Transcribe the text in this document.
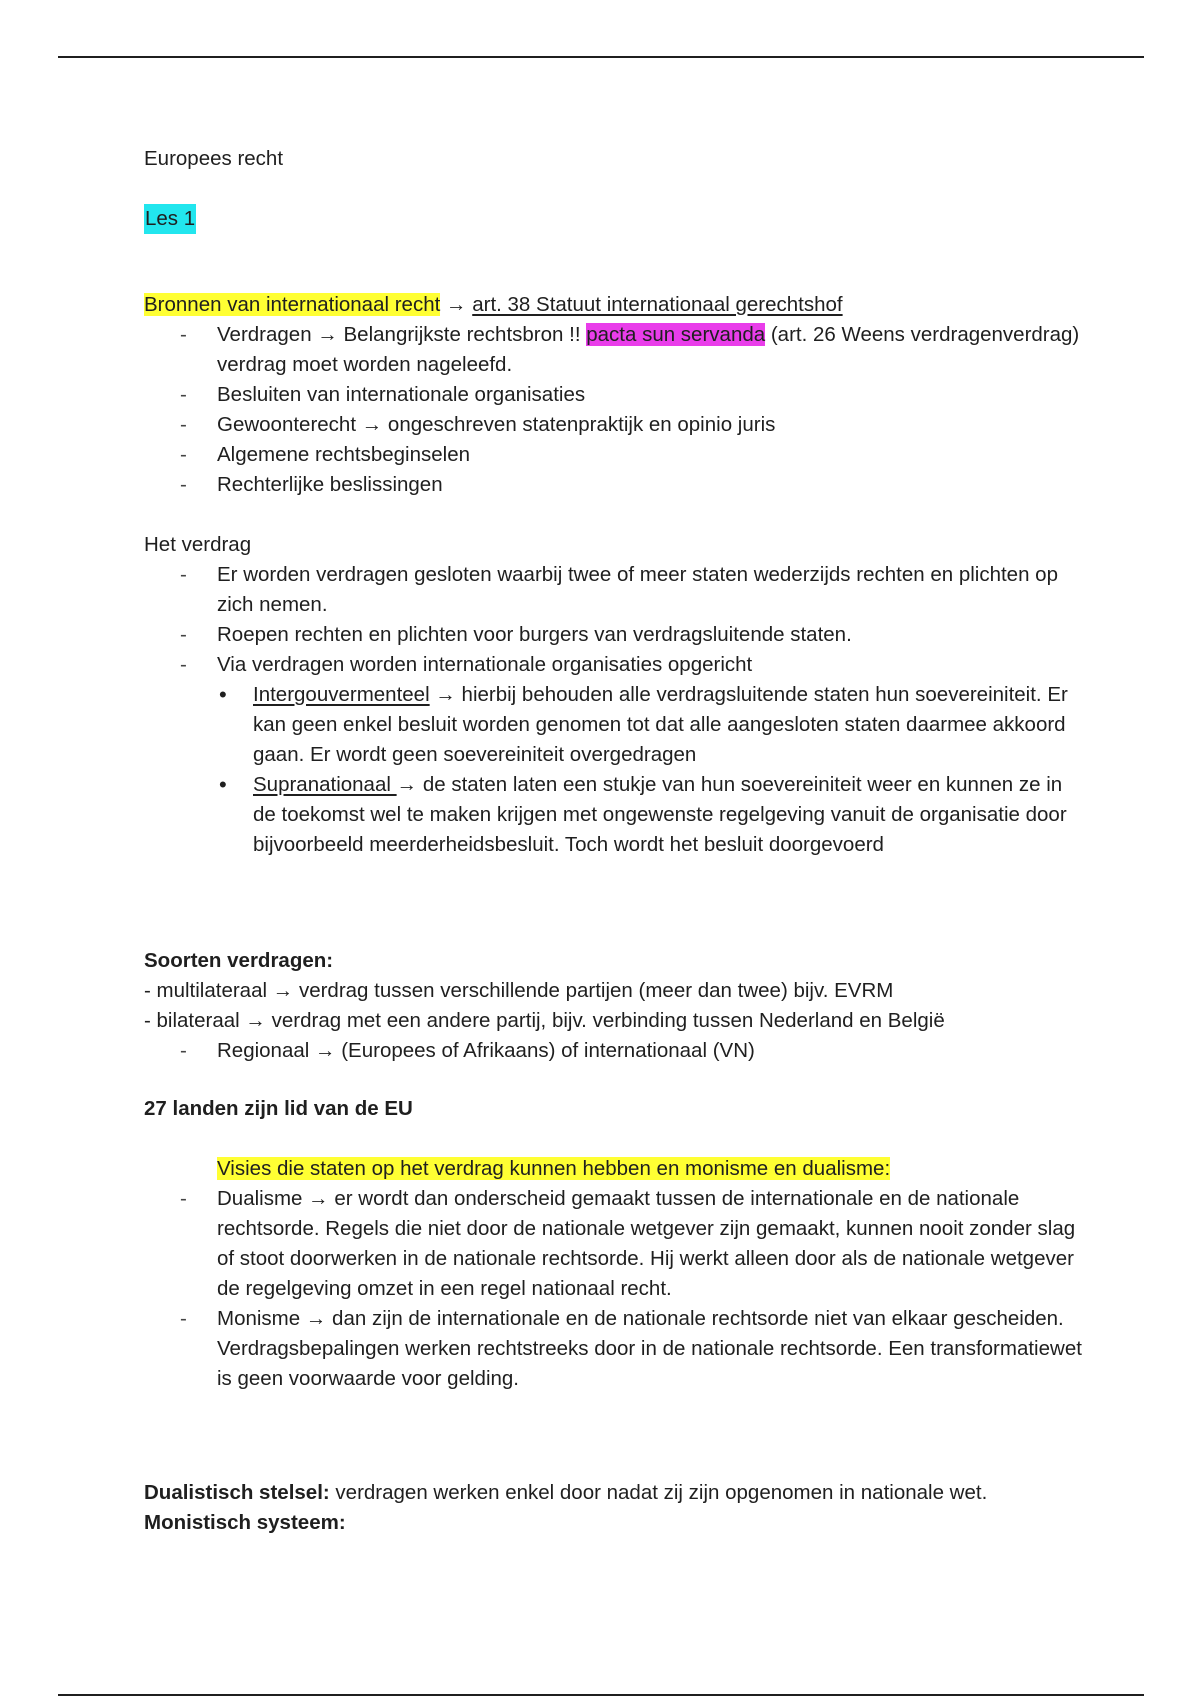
Europees recht
Les 1

Bronnen van internationaal recht → art. 38 Statuut internationaal gerechtshof

- Verdragen → Belangrijkste rechtsbron !! pacta sun servanda (art. 26 Weens verdragenverdrag) verdrag moet worden nageleefd.
- Besluiten van internationale organisaties
- Gewoonterecht → ongeschreven statenpraktijk en opinio juris
- Algemene rechtsbeginselen
- Rechterlijke beslissingen

Het verdrag

- Er worden verdragen gesloten waarbij twee of meer staten wederzijds rechten en plichten op zich nemen.
- Roepen rechten en plichten voor burgers van verdragsluitende staten.
- Via verdragen worden internationale organisaties opgericht
• Intergouvermenteel → hierbij behouden alle verdragsluitende staten hun soevereiniteit. Er kan geen enkel besluit worden genomen tot dat alle aangesloten staten daarmee akkoord gaan. Er wordt geen soevereiniteit overgedragen
• Supranationaal → de staten laten een stukje van hun soevereiniteit weer en kunnen ze in de toekomst wel te maken krijgen met ongewenste regelgeving vanuit de organisatie door bijvoorbeeld meerderheidsbesluit. Toch wordt het besluit doorgevoerd

Soorten verdragen:

- multilateraal → verdrag tussen verschillende partijen (meer dan twee) bijv. EVRM

- bilateraal → verdrag met een andere partij, bijv. verbinding tussen Nederland en België

- Regionaal → (Europees of Afrikaans) of internationaal (VN)
27 landen zijn lid van de EU

Visies die staten op het verdrag kunnen hebben en monisme en dualisme:

- Dualisme → er wordt dan onderscheid gemaakt tussen de internationale en de nationale rechtsorde. Regels die niet door de nationale wetgever zijn gemaakt, kunnen nooit zonder slag of stoot doorwerken in de nationale rechtsorde. Hij werkt alleen door als de nationale wetgever de regelgeving omzet in een regel nationaal recht.
- Monisme → dan zijn de internationale en de nationale rechtsorde niet van elkaar gescheiden. Verdragsbepalingen werken rechtstreeks door in de nationale rechtsorde. Een transformatiewet is geen voorwaarde voor gelding.

Dualistisch stelsel: verdragen werken enkel door nadat zij zijn opgenomen in nationale wet.

Monistisch systeem:
